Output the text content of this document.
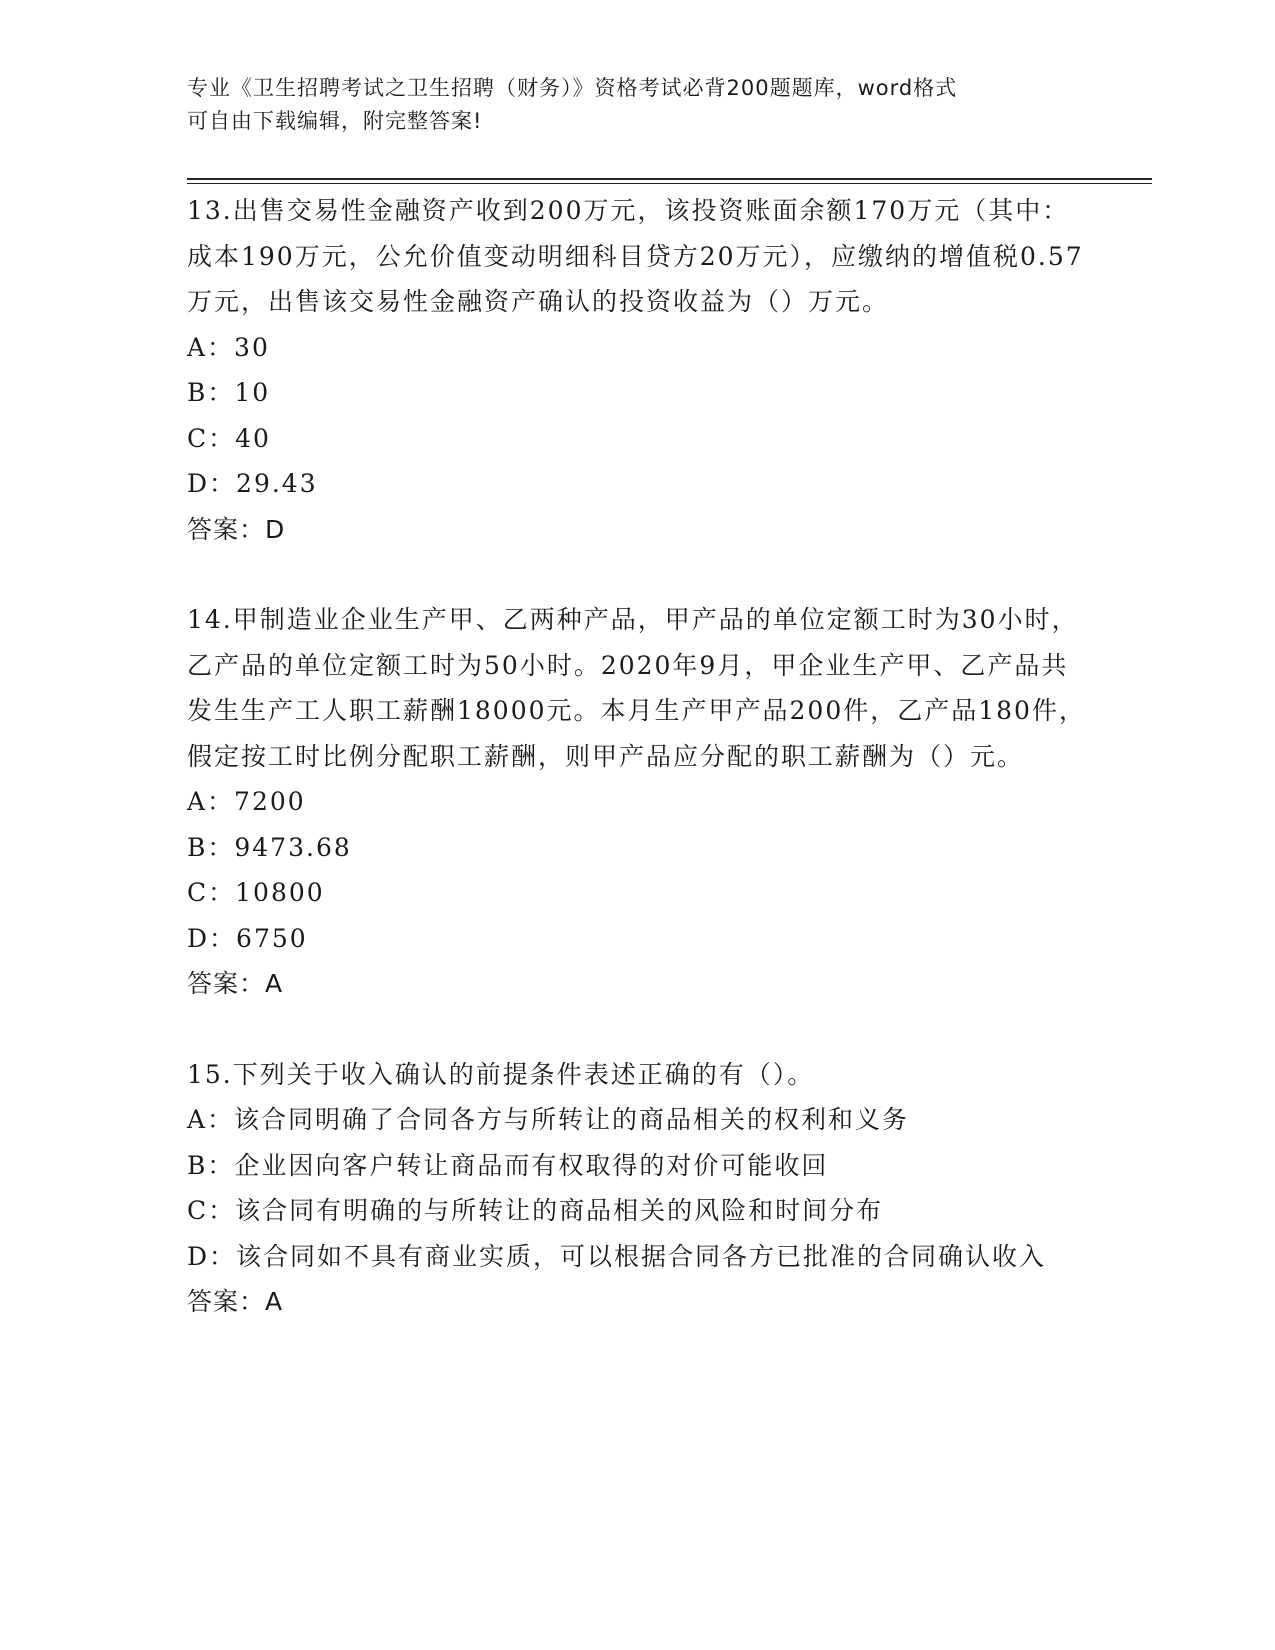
专业《卫生招聘考试之卫生招聘（财务）》资格考试必背200题题库，word格式
可自由下载编辑，附完整答案!

13.出售交易性金融资产收到200万元，该投资账面余额170万元（其中：成本190万元，公允价值变动明细科目贷方20万元），应缴纳的增值税0.57万元，出售该交易性金融资产确认的投资收益为（）万元。

A：30

B：10

C：40

D：29.43

答案：D

14.甲制造业企业生产甲、乙两种产品，甲产品的单位定额工时为30小时，乙产品的单位定额工时为50小时。2020年9月，甲企业生产甲、乙产品共发生生产工人职工薪酬18000元。本月生产甲产品200件，乙产品180件，假定按工时比例分配职工薪酬，则甲产品应分配的职工薪酬为（）元。

A：7200

B：9473.68

C：10800

D：6750

答案：A

15.下列关于收入确认的前提条件表述正确的有（）。

A：该合同明确了合同各方与所转让的商品相关的权利和义务

B：企业因向客户转让商品而有权取得的对价可能收回

C：该合同有明确的与所转让的商品相关的风险和时间分布

D：该合同如不具有商业实质，可以根据合同各方已批准的合同确认收入

答案：A
